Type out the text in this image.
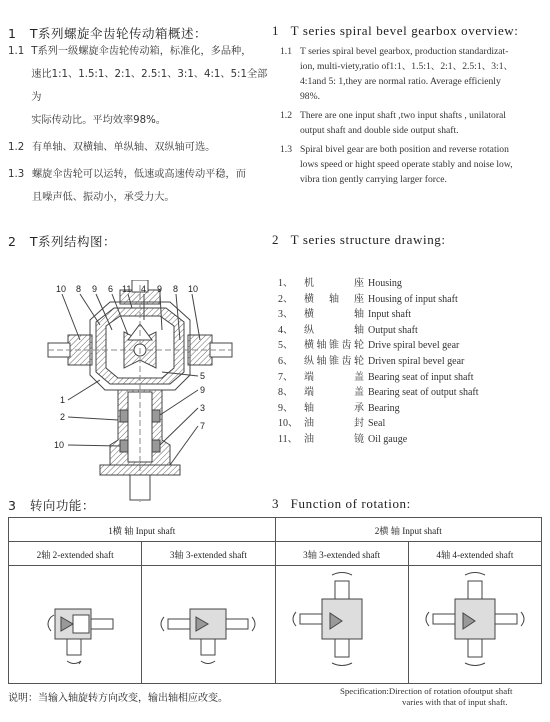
1 T系列螺旋伞齿轮传动箱概述：	1 T series spiral bevel gearbox overview:
1.1 T系列一级螺旋伞齿轮传动箱，标准化，多品种，
速比1:1、1.5:1、2:1、2.5:1、3:1、4:1、5:1全部为
实际传动比。平均效率98%。
1.2 有单轴、双横轴、单纵轴、双纵轴可选。
1.3 螺旋伞齿轮可以运转，低速或高速传动平稳，而
且噪声低、振动小，承受力大。
1.1 T series spiral bevel gearbox, production standardizat-
ion, multi-viety,ratio of1:1、1.5:1、2:1、2.5:1、3:1、
4:1and 5: 1,they are normal ratio. Average efficienly
98%.
1.2 There are one input shaft ,two input shafts , unilatoral
output shaft and double side output shaft.
1.3 Spiral bivel gear are both position and reverse rotation
lows speed or hight speed operate stably and noise low,
vibra tion gently carrying larger force.
2 T系列结构图：	2 T series structure drawing:
10 8 9 6 11 4 9 8 10
5
9
3
7
1
2
10
1、	机座 Housing
2、	横轴座 Housing of input shaft
3、	横轴 Input shaft
4、	纵轴 Output shaft
5、	横轴锥齿轮 Drive spiral bevel gear
6、	纵轴锥齿轮 Driven spiral bevel gear
7、	端盖 Bearing seat of input shaft
8、	端盖 Bearing seat of output shaft
9、	轴承 Bearing
10、 油封 Seal
11、 油镜 Oil gauge
3 转向功能：	3 Function of rotation:
1横 轴 Input shaft		2横 轴 Input shaft	
2轴 2-extended shaft	3轴 3-extended shaft	3轴 3-extended shaft	4轴 4-extended shaft

说明：当输入轴旋转方向改变，输出轴相应改变。
Specification:Direction of rotation ofoutput shaft
varies with that of input shaft.
